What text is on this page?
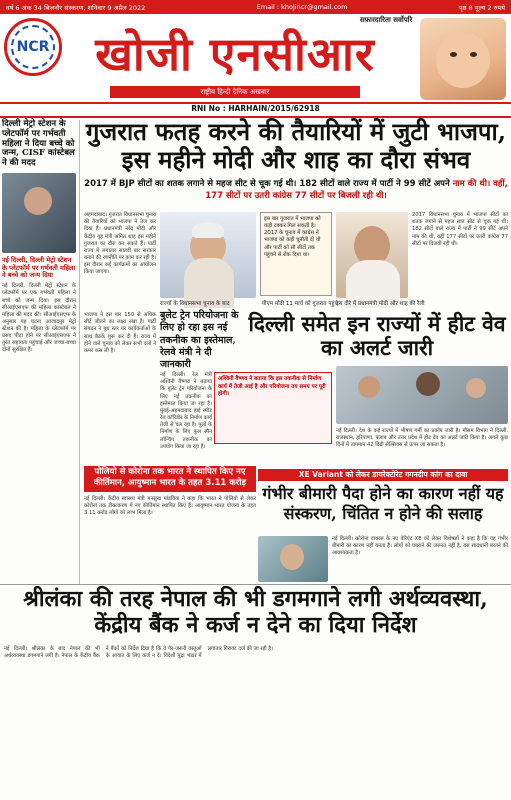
वर्ष 6 अंक 34 बिजनौर संस्करण, शनिवार 9 अप्रैल 2022	Email : khojincr@gmail.com	पृष्ठ 8 मूल्य 2 रुपये
NCR
सफ़ारदारिता सर्वोपरि
खोजी एनसीआर
राष्ट्रीय हिन्दी दैनिक अखबार
RNI No : HARHAIN/2015/62918
दिल्ली मेट्रो स्टेशन के प्लेटफॉर्म पर गर्भवती महिला ने दिया बच्चे को जन्म, CISF कांस्टेबल ने की मदद
नई दिल्ली, दिल्ली मेट्रो स्टेशन के प्लेटफॉर्म पर गर्भवती महिला ने बच्चे को जन्म दिया

नई दिल्ली, दिल्ली मेट्रो स्टेशन के प्लेटफॉर्म पर एक गर्भवती महिला ने बच्चे को जन्म दिया। इस दौरान सीआईएसएफ की महिला कांस्टेबल ने महिला की मदद की। सीआईएसएफ के अनुसार यह घटना आजादपुर मेट्रो स्टेशन की है। महिला के प्लेटफॉर्म पर प्रसव पीड़ा होने पर सीआईएसएफ ने तुरंत सहायता पहुंचाई और जच्चा-बच्चा दोनों सुरक्षित हैं।

गुजरात फतह करने की तैयारियों में जुटी भाजपा, इस महीने मोदी और शाह का दौरा संभव
2017 में BJP सीटों का शतक लगाने से महज सीट से चूक गई थी। 182 सीटों वाले राज्य में पार्टी ने 99 सीटें अपने नाम की थी। वहीं, 177 सीटों पर उतरी कांग्रेस 77 सीटों पर बिजली रही थी।
अहमदाबाद। गुजरात विधानसभा चुनाव की तैयारियों को भाजपा ने तेज कर दिया है। प्रधानमंत्री नरेंद्र मोदी और केंद्रीय गृह मंत्री अमित शाह इस महीने गुजरात का दौरा कर सकते हैं। पार्टी राज्य में लगातार सातवीं बार सरकार बनाने की रणनीति पर काम कर रही है। इस दौरान कई कार्यक्रमों का आयोजन किया जाएगा।
इस बार गुजरात में भाजपा को कड़ी टक्कर मिल सकती है। 2017 के चुनाव में कांग्रेस ने भाजपा को कड़ी चुनौती दी थी और पार्टी को सौ सीटों तक पहुंचने से रोक दिया था।
2017 विधानसभा चुनाव में भाजपा सीटों का शतक लगाने से महज सात सीट से चूक गई थी। 182 सीटों वाले राज्य में पार्टी ने 99 सीटें अपने नाम की थी, वहीं 177 सीटों पर उतरी कांग्रेस 77 सीटों पर विजयी रही थी।
राज्यों के विधानसभा चुनाव के बाद	पीएम मोदी 11 मार्च को गुजरात पहुंचे
इस दौरे में प्रधानमंत्री मोदी और शाह की रैली
भाजपा ने इस बार 150 से अधिक सीटें जीतने का लक्ष्य रखा है। पार्टी संगठन ने बूथ स्तर पर कार्यकर्ताओं के साथ बैठकें शुरू कर दी हैं। राज्य में होने वाले चुनाव को लेकर सभी दलों ने कमर कस ली है।
बुलेट ट्रेन परियोजना के लिए हो रहा इस नई तकनीक का इस्तेमाल, रेलवे मंत्री ने दी जानकारी
नई दिल्ली। रेल मंत्री अश्विनी वैष्णव ने बताया कि बुलेट ट्रेन परियोजना के लिए नई तकनीक का इस्तेमाल किया जा रहा है। मुंबई-अहमदाबाद हाई स्पीड रेल कॉरिडोर के निर्माण कार्य तेजी से चल रहा है। पुलों के निर्माण के लिए फुल स्पैन लॉन्चिंग तकनीक का उपयोग किया जा रहा है।
दिल्ली समेत इन राज्यों में हीट वेव का अलर्ट जारी
अश्विनी वैष्णव ने बताया कि इस तकनीक से निर्माण कार्य में तेजी आई है और परियोजना तय समय पर पूरी होगी।
नई दिल्ली। देश के कई राज्यों में भीषण गर्मी का प्रकोप जारी है। मौसम विभाग ने दिल्ली, राजस्थान, हरियाणा, पंजाब और उत्तर प्रदेश में हीट वेव का अलर्ट जारी किया है। अगले कुछ दिनों में तापमान 42 डिग्री सेल्सियस से ऊपर जा सकता है।
पोलियो से कोरोना तक भारत ने स्थापित किए नए कीर्तिमान, आयुष्मान भारत के तहत 3.11 करोड़
नई दिल्ली। केंद्रीय स्वास्थ्य मंत्री मनसुख मांडविया ने कहा कि भारत ने पोलियो से लेकर कोरोना तक टीकाकरण में नए कीर्तिमान स्थापित किए हैं। आयुष्मान भारत योजना के तहत 3.11 करोड़ लोगों को लाभ मिला है।
XE Variant को लेकर डायरेक्टोरेट गगनदीप कांग का दावा
गंभीर बीमारी पैदा होने का कारण नहीं यह संस्करण, चिंतित न होने की सलाह
नई दिल्ली। कोरोना वायरस के नए वेरिएंट XE को लेकर विशेषज्ञों ने कहा है कि यह गंभीर बीमारी का कारण नहीं बनता है। लोगों को घबराने की जरूरत नहीं है, बस सावधानी बरतने की आवश्यकता है।
श्रीलंका की तरह नेपाल की भी डगमगाने लगी अर्थव्यवस्था, केंद्रीय बैंक ने कर्ज न देने का दिया निर्देश
नई दिल्ली। श्रीलंका के बाद नेपाल की भी अर्थव्यवस्था डगमगाने लगी है। नेपाल के केंद्रीय बैंक ने बैंकों को निर्देश दिया है कि वे गैर-जरूरी वस्तुओं के आयात के लिए कर्ज न दें। विदेशी मुद्रा भंडार में लगातार गिरावट दर्ज की जा रही है।
